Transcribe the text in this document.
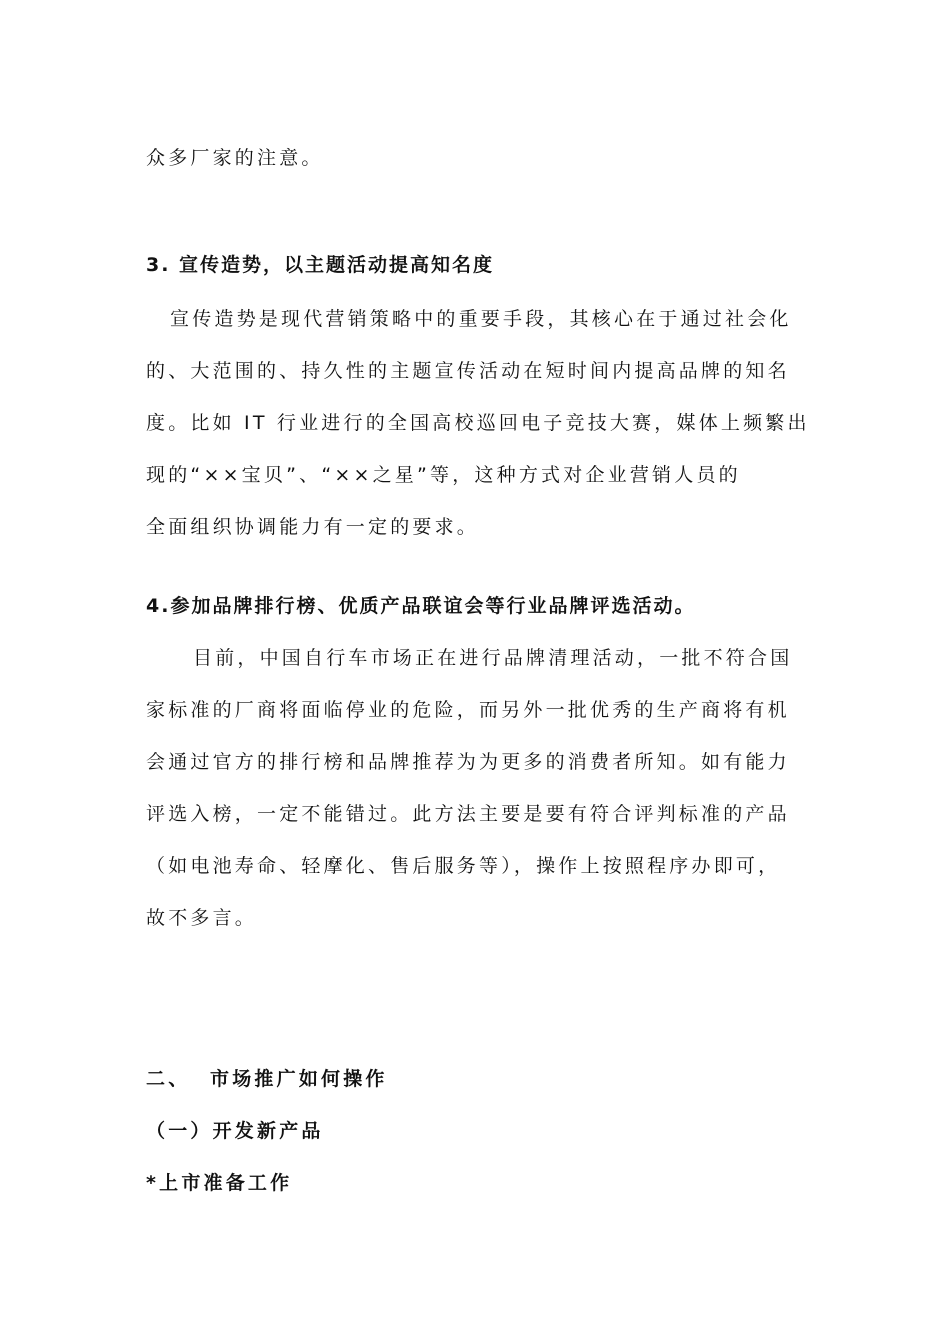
众多厂家的注意。
3. 宣传造势，以主题活动提高知名度
宣传造势是现代营销策略中的重要手段，其核心在于通过社会化
的、大范围的、持久性的主题宣传活动在短时间内提高品牌的知名
度。比如 IT 行业进行的全国高校巡回电子竞技大赛，媒体上频繁出
现的“××宝贝”、“××之星”等，这种方式对企业营销人员的
全面组织协调能力有一定的要求。
4.参加品牌排行榜、优质产品联谊会等行业品牌评选活动。
目前，中国自行车市场正在进行品牌清理活动，一批不符合国
家标准的厂商将面临停业的危险，而另外一批优秀的生产商将有机
会通过官方的排行榜和品牌推荐为为更多的消费者所知。如有能力
评选入榜，一定不能错过。此方法主要是要有符合评判标准的产品
（如电池寿命、轻摩化、售后服务等），操作上按照程序办即可，
故不多言。
二、  市场推广如何操作
（一）开发新产品
*上市准备工作
